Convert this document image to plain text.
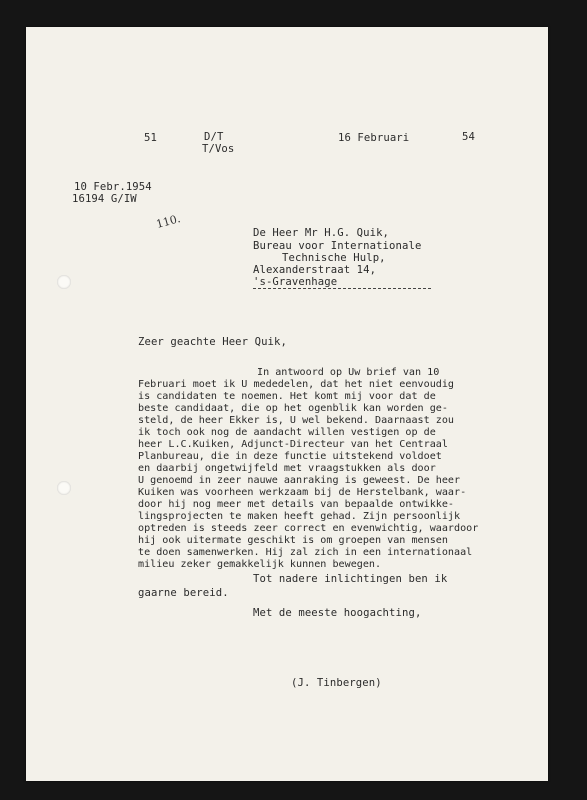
51	D/T

T/Vos

16 Februari	54

10 Febr.1954

16194 G/IW

110.

De Heer Mr H.G. Quik,

Bureau voor Internationale

Technische Hulp,

Alexanderstraat 14,

's-Gravenhage

Zeer geachte Heer Quik,

In antwoord op Uw brief van 10

Februari moet ik U mededelen, dat het niet eenvoudig

is candidaten te noemen. Het komt mij voor dat de

beste candidaat, die op het ogenblik kan worden ge-

steld, de heer Ekker is, U wel bekend. Daarnaast zou

ik toch ook nog de aandacht willen vestigen op de

heer L.C.Kuiken, Adjunct-Directeur van het Centraal

Planbureau, die in deze functie uitstekend voldoet

en daarbij ongetwijfeld met vraagstukken als door

U genoemd in zeer nauwe aanraking is geweest. De heer

Kuiken was voorheen werkzaam bij de Herstelbank, waar-

door hij nog meer met details van bepaalde ontwikke-

lingsprojecten te maken heeft gehad. Zijn persoonlijk

optreden is steeds zeer correct en evenwichtig, waardoor

hij ook uitermate geschikt is om groepen van mensen

te doen samenwerken. Hij zal zich in een internationaal

milieu zeker gemakkelijk kunnen bewegen.

Tot nadere inlichtingen ben ik

gaarne bereid.

Met de meeste hoogachting,

(J. Tinbergen)
